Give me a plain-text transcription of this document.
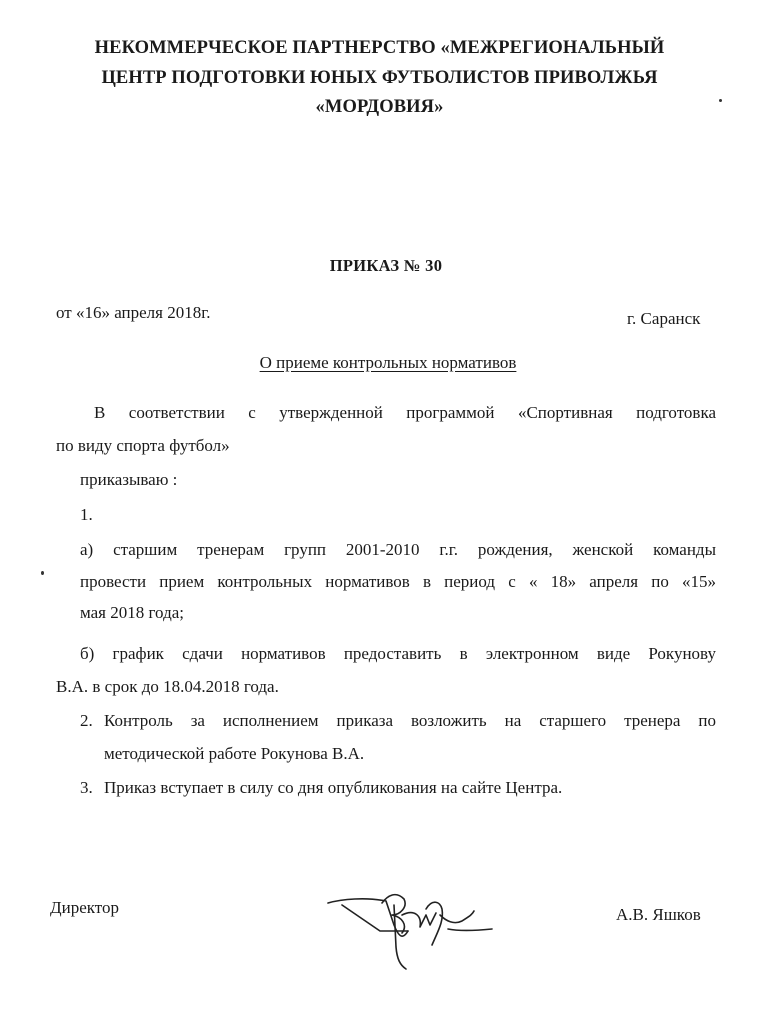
НЕКОММЕРЧЕСКОЕ ПАРТНЕРСТВО «МЕЖРЕГИОНАЛЬНЫЙ
ЦЕНТР ПОДГОТОВКИ ЮНЫХ ФУТБОЛИСТОВ ПРИВОЛЖЬЯ
«МОРДОВИЯ»
ПРИКАЗ № 30
от «16» апреля 2018г.	г. Саранск
О приеме контрольных нормативов
В соответствии с утвержденной программой «Спортивная подготовка
по виду спорта футбол»
приказываю :
1.
а) старшим тренерам групп 2001-2010 г.г. рождения, женской команды
провести прием контрольных нормативов в период с « 18» апреля по «15»
мая 2018 года;
б) график сдачи нормативов предоставить в электронном виде Рокунову
В.А. в срок до 18.04.2018 года.
2. Контроль за исполнением приказа возложить на старшего тренера по
методической работе Рокунова В.А.
3. Приказ вступает в силу со дня опубликования на сайте Центра.
Директор	А.В. Яшков
